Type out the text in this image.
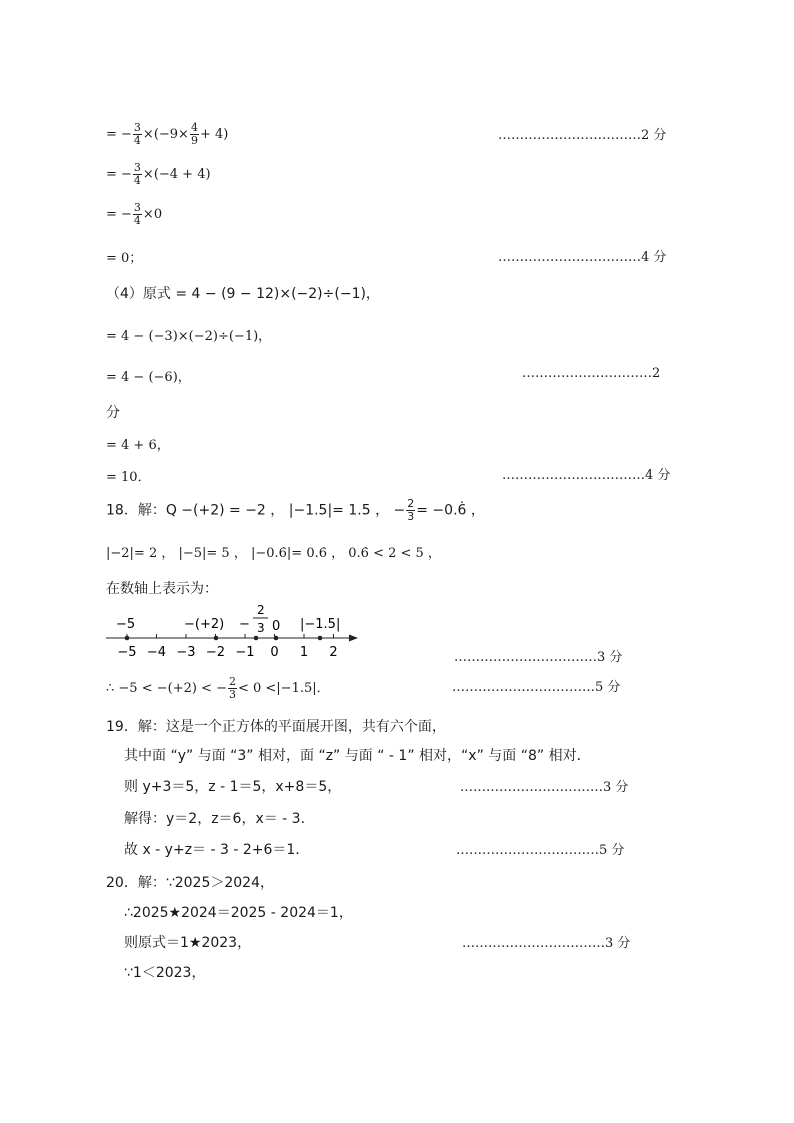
= − $\frac{3}{4} \times(-9\times \frac{4}{9} + 4)$	……………………………2 分
= − $\frac{3}{4} \times(-4 + 4)$
= − $\frac{3}{4} \times 0$
= 0；	……………………………4 分
（4）原式 = 4 − (9 − 12)×(−2)÷(−1)，
= 4 − (−3)×(−2)÷(−1)，
= 4 − (−6)，	…………………………2
分
= 4 + 6，
= 10．	……………………………4 分
18．解：Q −(+2) = −2 ， |−1.5|= 1.5 ， − $\frac{2}{3}$ = −0.6̇ ，
|−2|= 2 ， |−5|= 5 ， |−0.6̇|= 0.6̇ ， 0.6̇ < 2 < 5 ，
在数轴上表示为：
−5	−(+2) −
2
3 0 |−1.5|
−5 −4 −3 −2 −1 0 1 2	……………………………3 分
∴ −5 < −(+2) < − $\frac{2}{3} < 0 <|-1.5|$．	……………………………5 分
19．解：这是一个正方体的平面展开图，共有六个面，
其中面 “y” 与面 “3” 相对，面 “z” 与面 “ - 1” 相对，“x” 与面 “8” 相对．
则 y+3＝5，z - 1＝5，x+8＝5，	……………………………3 分
解得：y＝2，z＝6，x＝ - 3．
故 x - y+z＝ - 3 - 2+6＝1．	……………………………5 分
20．解：∵2025＞2024，
∴2025★2024＝2025 - 2024＝1，
则原式＝1★2023，	……………………………3 分
∵1＜2023，
